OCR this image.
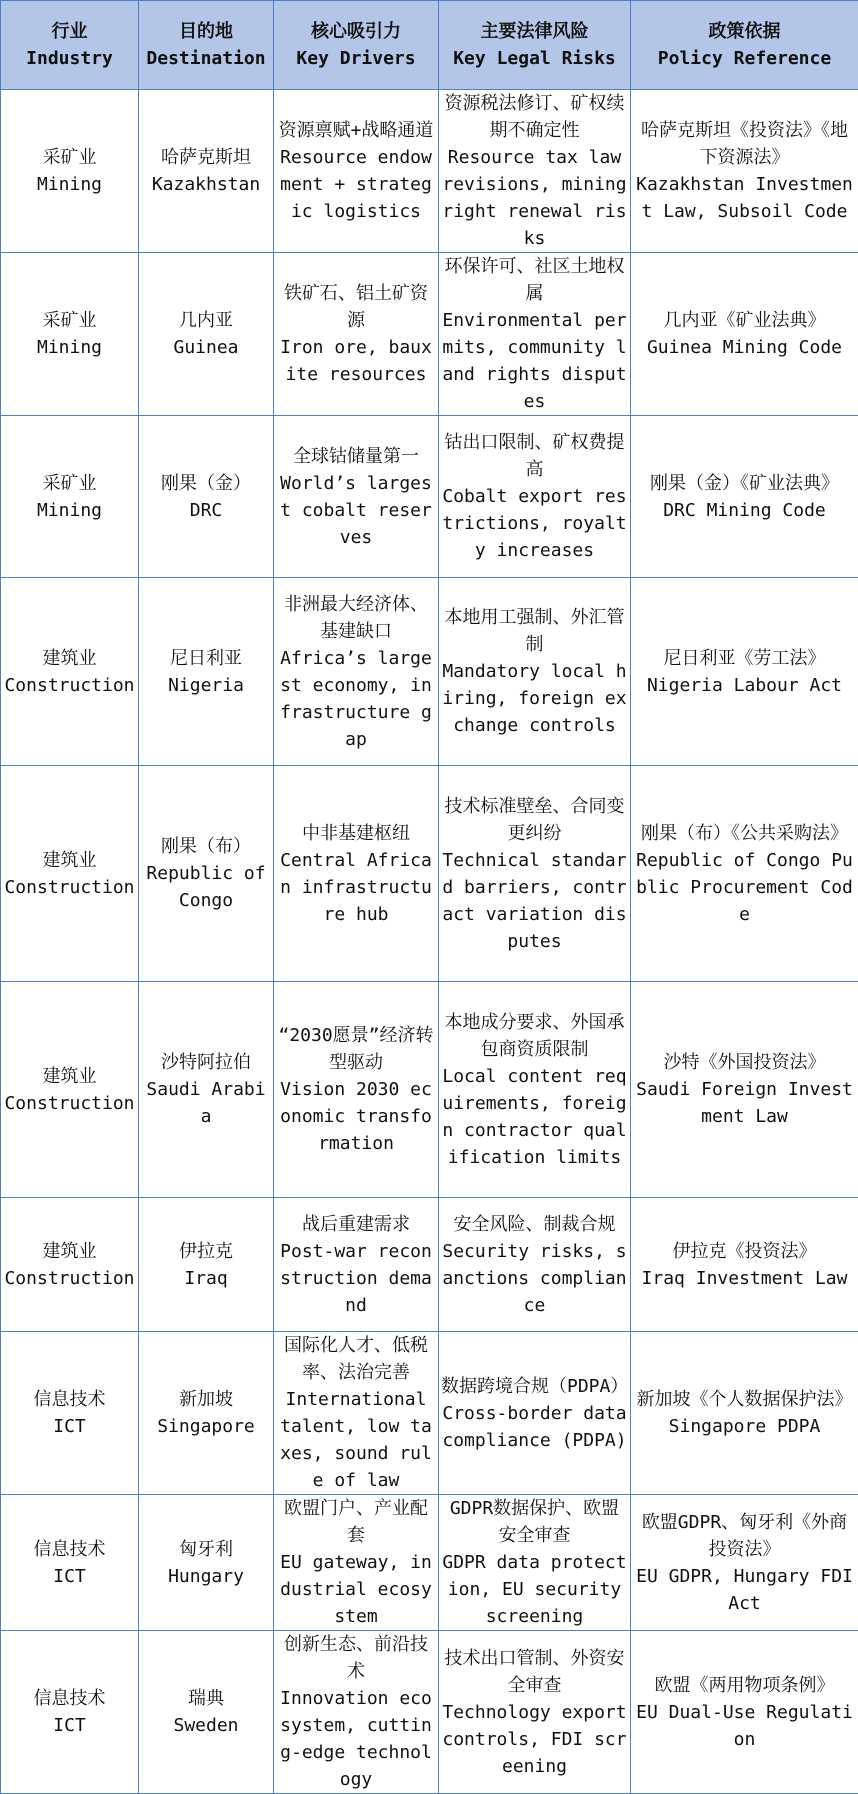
行业
Industry	目的地
Destination	核心吸引力
Key Drivers	主要法律风险
Key Legal Risks	政策依据
Policy Reference

采矿业
Mining	哈萨克斯坦
Kazakhstan	资源禀赋+战略通道
Resource endowment + strategic logistics	资源税法修订、矿权续期不确定性
Resource tax law revisions, mining right renewal risks	哈萨克斯坦《投资法》《地下资源法》
Kazakhstan Investment Law, Subsoil Code

采矿业
Mining	几内亚
Guinea	铁矿石、铝土矿资源
Iron ore, bauxite resources	环保许可、社区土地权属
Environmental permits, community land rights disputes	几内亚《矿业法典》
Guinea Mining Code

采矿业
Mining	刚果（金）
DRC	全球钴储量第一
World’s largest cobalt reserves	钴出口限制、矿权费提高
Cobalt export restrictions, royalty increases	刚果（金）《矿业法典》
DRC Mining Code

建筑业
Construction	尼日利亚
Nigeria	非洲最大经济体、基建缺口
Africa’s largest economy, infrastructure gap	本地用工强制、外汇管制
Mandatory local hiring, foreign exchange controls	尼日利亚《劳工法》
Nigeria Labour Act

建筑业
Construction	刚果（布）
Republic of Congo	中非基建枢纽
Central African infrastructure hub	技术标准壁垒、合同变更纠纷
Technical standard barriers, contract variation disputes	刚果（布）《公共采购法》
Republic of Congo Public Procurement Code

建筑业
Construction	沙特阿拉伯
Saudi Arabia	“2030愿景”经济转型驱动
Vision 2030 economic transformation	本地成分要求、外国承包商资质限制
Local content requirements, foreign contractor qualification limits	沙特《外国投资法》
Saudi Foreign Investment Law

建筑业
Construction	伊拉克
Iraq	战后重建需求
Post-war reconstruction demand	安全风险、制裁合规
Security risks, sanctions compliance	伊拉克《投资法》
Iraq Investment Law

信息技术
ICT	新加坡
Singapore	国际化人才、低税率、法治完善
International talent, low taxes, sound rule of law	数据跨境合规（PDPA）
Cross-border data compliance (PDPA)	新加坡《个人数据保护法》
Singapore PDPA

信息技术
ICT	匈牙利
Hungary	欧盟门户、产业配套
EU gateway, industrial ecosystem	GDPR数据保护、欧盟安全审查
GDPR data protection, EU security screening	欧盟GDPR、匈牙利《外商投资法》
EU GDPR, Hungary FDI Act

信息技术
ICT	瑞典
Sweden	创新生态、前沿技术
Innovation ecosystem, cutting-edge technology	技术出口管制、外资安全审查
Technology export controls, FDI screening	欧盟《两用物项条例》
EU Dual-Use Regulation
